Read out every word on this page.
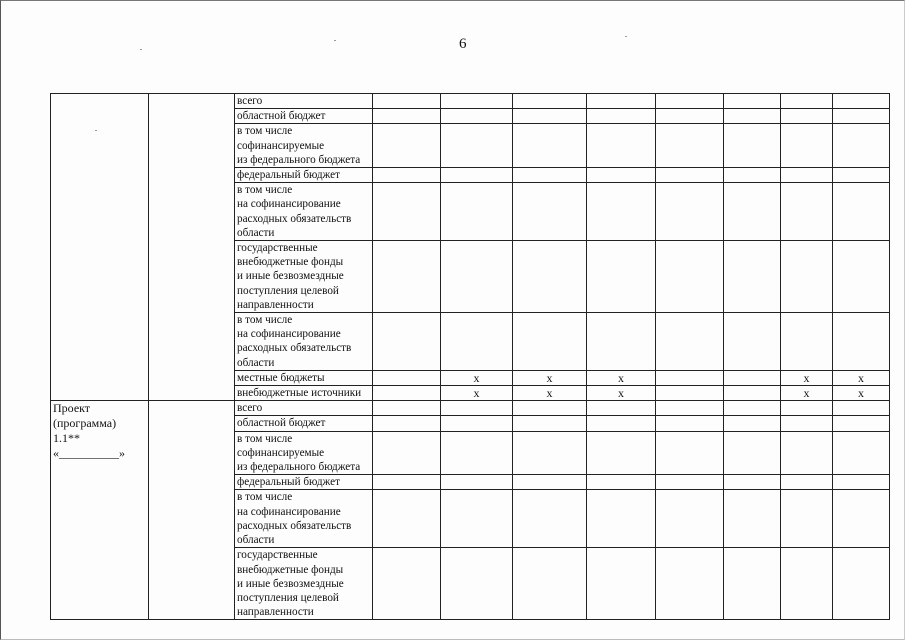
6
		всего								
		областной бюджет								
		в том числе
софинансируемые
из федерального бюджета								
		федеральный бюджет								
		в том числе
на софинансирование
расходных обязательств
области								
		государственные
внебюджетные фонды
и иные безвозмездные
поступления целевой
направленности								
		в том числе
на софинансирование
расходных обязательств
области								
		местные бюджеты		x	x	x			x	x
		внебюджетные источники		x	x	x			x	x
Проект
(программа) 1.1**
«__________»		всего								
		областной бюджет								
		в том числе
софинансируемые
из федерального бюджета								
		федеральный бюджет								
		в том числе
на софинансирование
расходных обязательств
области								
		государственные
внебюджетные фонды
и иные безвозмездные
поступления целевой
направленности								
